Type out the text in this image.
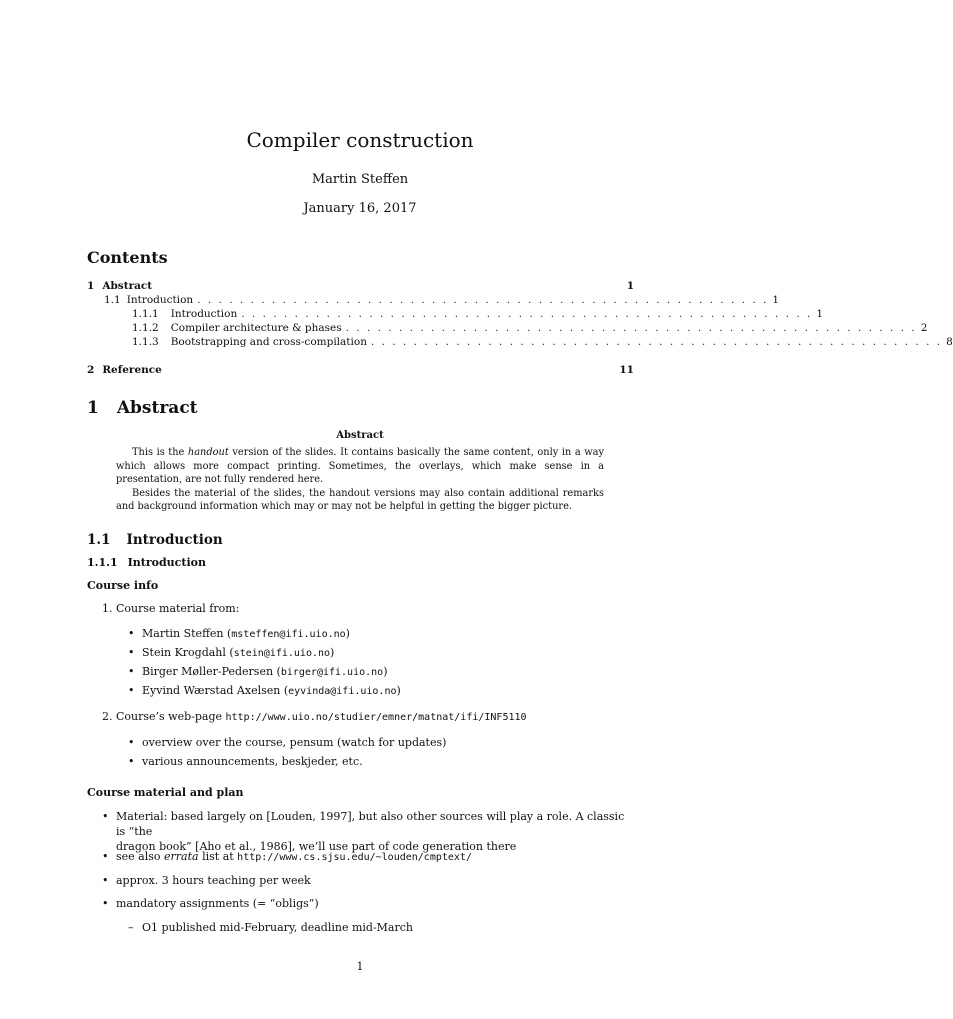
Compiler construction
Martin Steffen
January 16, 2017
Contents
1 Abstract	1
1.1 Introduction . . . . . . . . . . . . . . . . . . . . . . . . . . . . . . . . . . . . . . . . . . . . . . . . . . . . . . 1
1.1.1 Introduction . . . . . . . . . . . . . . . . . . . . . . . . . . . . . . . . . . . . . . . . . . . . . . . . . . . . . . 1
1.1.2 Compiler architecture & phases . . . . . . . . . . . . . . . . . . . . . . . . . . . . . . . . . . . . . . . . . . . . . . . . . . . . . . 2
1.1.3 Bootstrapping and cross-compilation . . . . . . . . . . . . . . . . . . . . . . . . . . . . . . . . . . . . . . . . . . . . . . . . . . . . . . 8
2 Reference	11
1 Abstract
Abstract

This is the handout version of the slides. It contains basically the same content, only in a way which allows more compact printing. Sometimes, the overlays, which make sense in a presentation, are not fully rendered here.

Besides the material of the slides, the handout versions may also contain additional remarks and background information which may or may not be helpful in getting the bigger picture.

1.1 Introduction
1.1.1 Introduction
Course info
1. Course material from:
• Martin Steffen (msteffen@ifi.uio.no)
• Stein Krogdahl (stein@ifi.uio.no)
• Birger Møller-Pedersen (birger@ifi.uio.no)
• Eyvind Wærstad Axelsen (eyvinda@ifi.uio.no)
2. Course’s web-page http://www.uio.no/studier/emner/matnat/ifi/INF5110
• overview over the course, pensum (watch for updates)
• various announcements, beskjeder, etc.
Course material and plan
• Material: based largely on [Louden, 1997], but also other sources will play a role. A classic is “the
dragon book” [Aho et al., 1986], we’ll use part of code generation there
• see also errata list at http://www.cs.sjsu.edu/~louden/cmptext/
• approx. 3 hours teaching per week
• mandatory assignments (= “obligs”)
– O1 published mid-February, deadline mid-March
1
